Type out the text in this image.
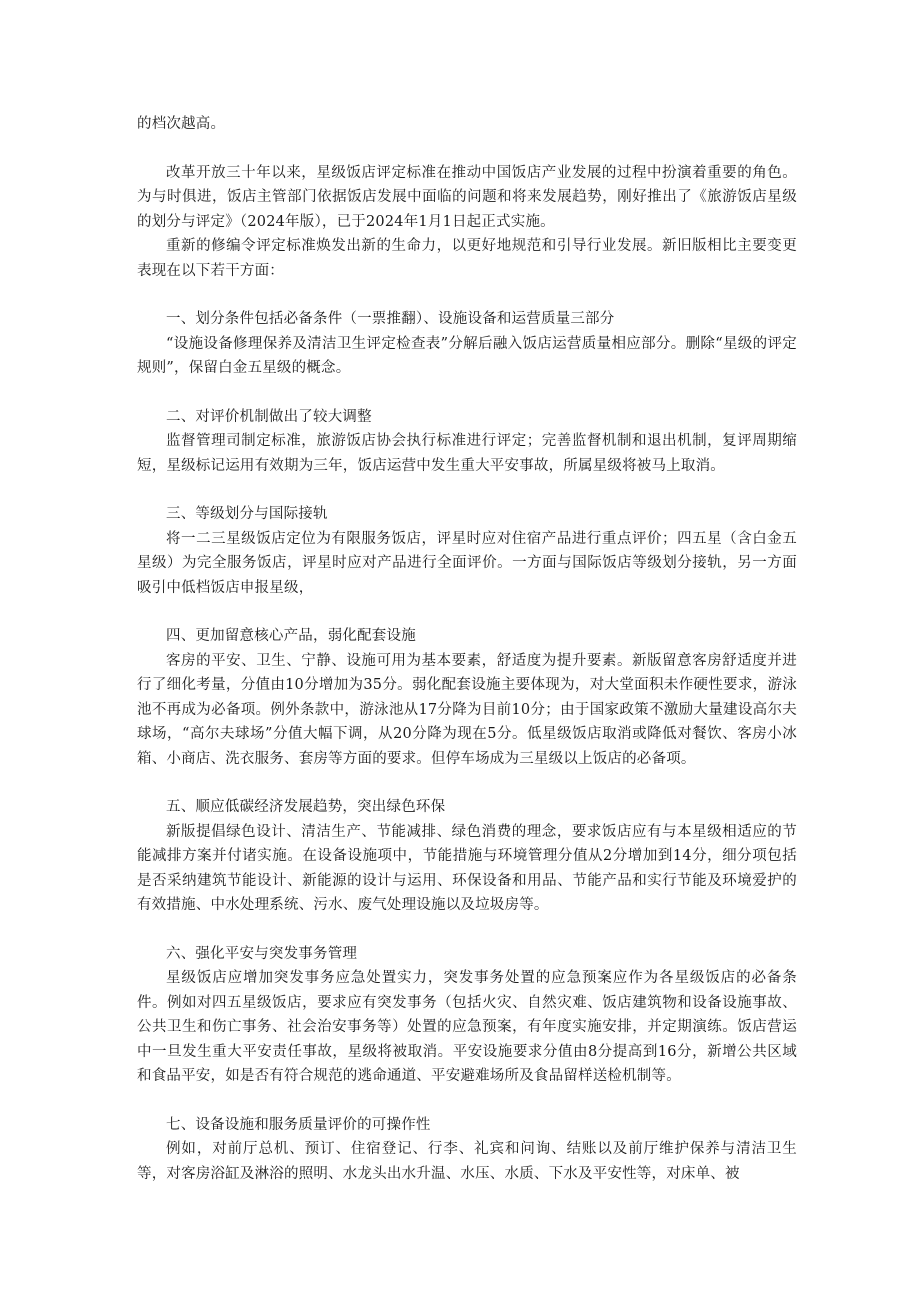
的档次越高。

改革开放三十年以来，星级饭店评定标准在推动中国饭店产业发展的过程中扮演着重要的角色。为与时俱进，饭店主管部门依据饭店发展中面临的问题和将来发展趋势，刚好推出了《旅游饭店星级的划分与评定》（2024年版），已于2024年1月1日起正式实施。

重新的修编令评定标准焕发出新的生命力，以更好地规范和引导行业发展。新旧版相比主要变更表现在以下若干方面：

一、划分条件包括必备条件（一票推翻）、设施设备和运营质量三部分

“设施设备修理保养及清洁卫生评定检查表”分解后融入饭店运营质量相应部分。删除“星级的评定规则”，保留白金五星级的概念。

二、对评价机制做出了较大调整

监督管理司制定标准，旅游饭店协会执行标准进行评定；完善监督机制和退出机制，复评周期缩短，星级标记运用有效期为三年，饭店运营中发生重大平安事故，所属星级将被马上取消。

三、等级划分与国际接轨

将一二三星级饭店定位为有限服务饭店，评星时应对住宿产品进行重点评价；四五星（含白金五星级）为完全服务饭店，评星时应对产品进行全面评价。一方面与国际饭店等级划分接轨，另一方面吸引中低档饭店申报星级，

四、更加留意核心产品，弱化配套设施

客房的平安、卫生、宁静、设施可用为基本要素，舒适度为提升要素。新版留意客房舒适度并进行了细化考量，分值由10分增加为35分。弱化配套设施主要体现为，对大堂面积未作硬性要求，游泳池不再成为必备项。例外条款中，游泳池从17分降为目前10分；由于国家政策不激励大量建设高尔夫球场，“高尔夫球场”分值大幅下调，从20分降为现在5分。低星级饭店取消或降低对餐饮、客房小冰箱、小商店、洗衣服务、套房等方面的要求。但停车场成为三星级以上饭店的必备项。

五、顺应低碳经济发展趋势，突出绿色环保

新版提倡绿色设计、清洁生产、节能减排、绿色消费的理念，要求饭店应有与本星级相适应的节能减排方案并付诸实施。在设备设施项中，节能措施与环境管理分值从2分增加到14分，细分项包括是否采纳建筑节能设计、新能源的设计与运用、环保设备和用品、节能产品和实行节能及环境爱护的有效措施、中水处理系统、污水、废气处理设施以及垃圾房等。

六、强化平安与突发事务管理

星级饭店应增加突发事务应急处置实力，突发事务处置的应急预案应作为各星级饭店的必备条件。例如对四五星级饭店，要求应有突发事务（包括火灾、自然灾难、饭店建筑物和设备设施事故、公共卫生和伤亡事务、社会治安事务等）处置的应急预案，有年度实施安排，并定期演练。饭店营运中一旦发生重大平安责任事故，星级将被取消。平安设施要求分值由8分提高到16分，新增公共区域和食品平安，如是否有符合规范的逃命通道、平安避难场所及食品留样送检机制等。

七、设备设施和服务质量评价的可操作性

例如，对前厅总机、预订、住宿登记、行李、礼宾和问询、结账以及前厅维护保养与清洁卫生等，对客房浴缸及淋浴的照明、水龙头出水升温、水压、水质、下水及平安性等，对床单、被
